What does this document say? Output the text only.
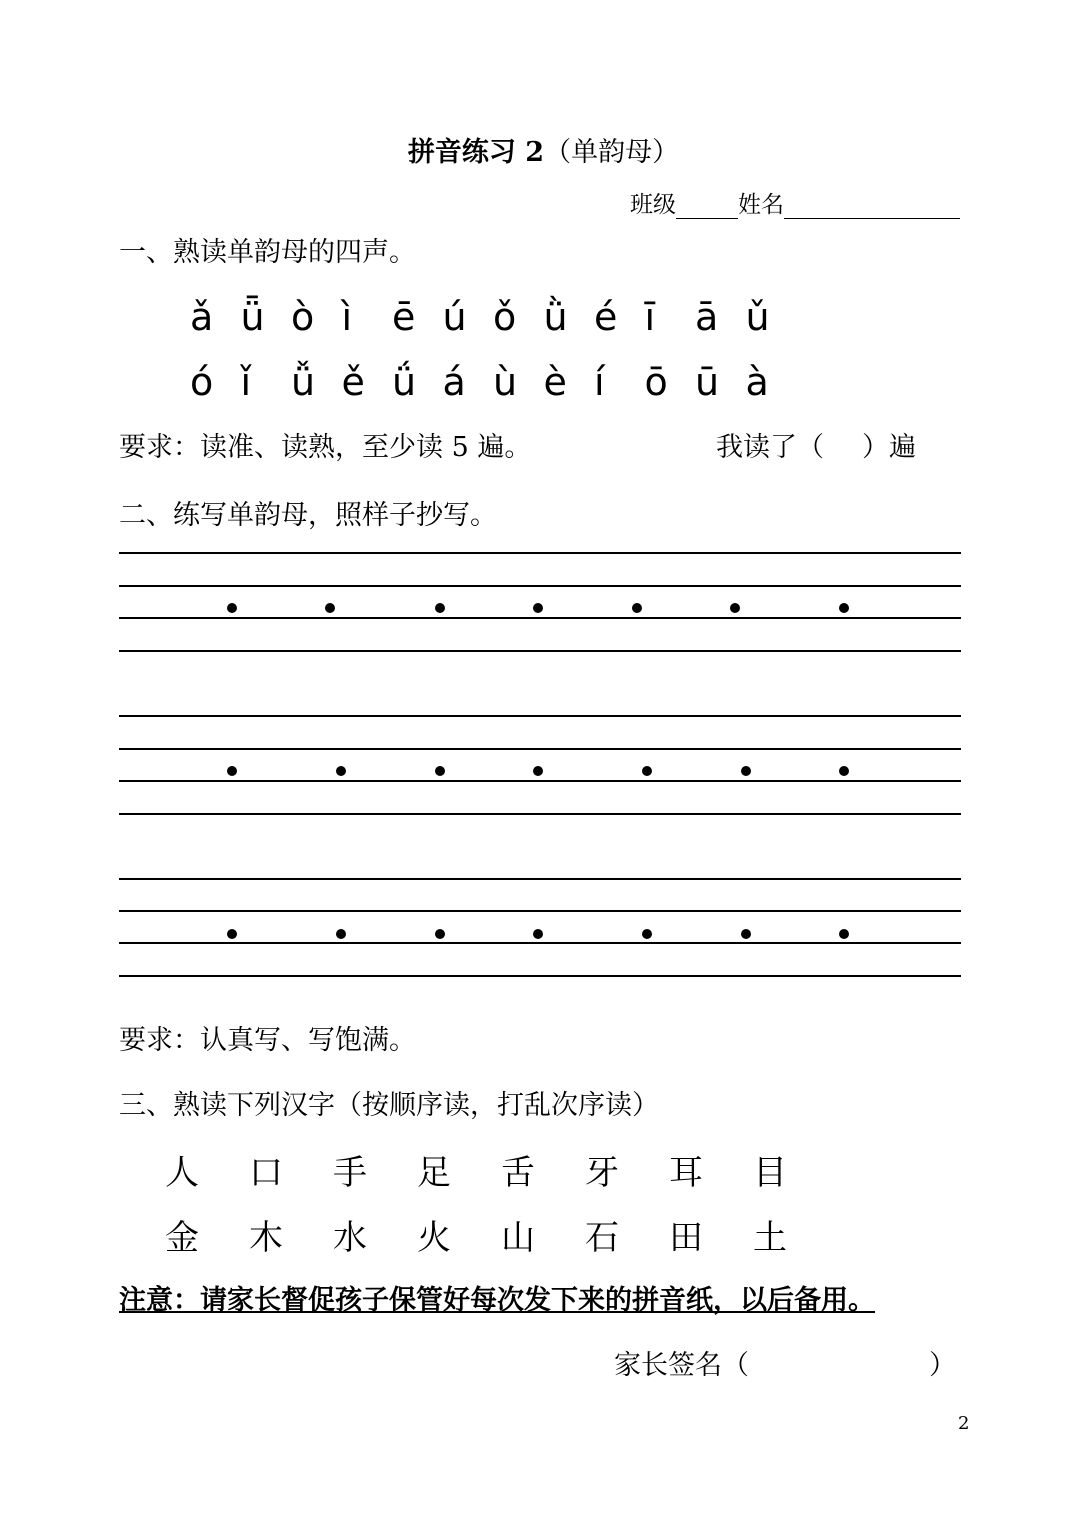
拼音练习 2（单韵母）
班级	姓名
一、熟读单韵母的四声。
ǎ ǖ ò ì ē ú ǒ ǜ é ī ā ǔ
ó ǐ ǚ ě ǘ á ù è í ō ū à
要求：读准、读熟，至少读 5 遍。	我读了（ ）遍
二、练写单韵母，照样子抄写。
要求：认真写、写饱满。
三、熟读下列汉字（按顺序读，打乱次序读）
人 口 手 足 舌 牙 耳 目
金 木 水 火 山 石 田 土
注意：请家长督促孩子保管好每次发下来的拼音纸，以后备用。
家长签名（	）
2
